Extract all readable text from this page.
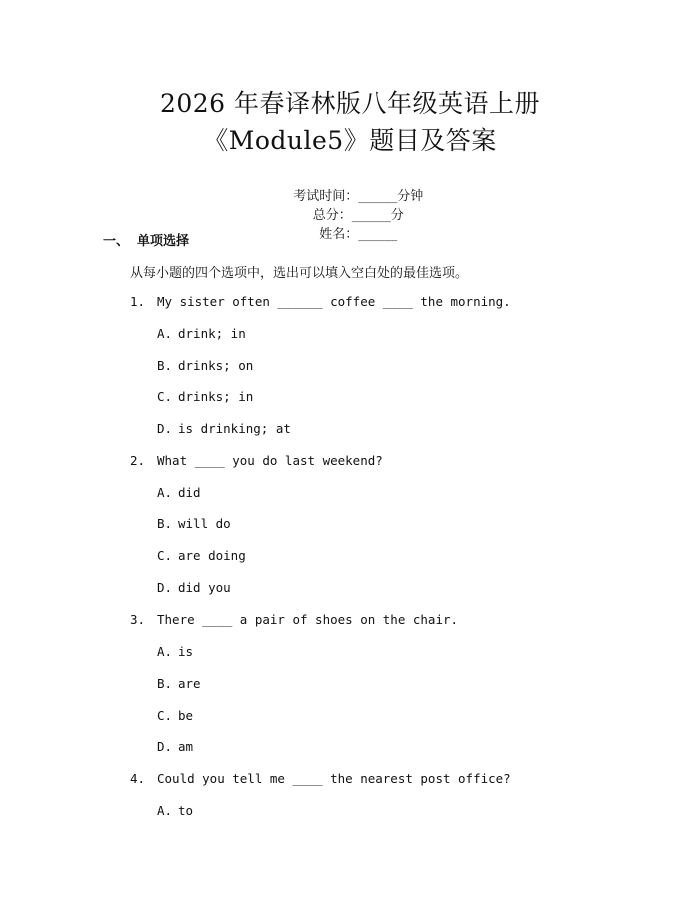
2026 年春译林版八年级英语上册
《Module5》题目及答案

考试时间：______分钟
总分：______分
姓名：______

一、 单项选择
从每小题的四个选项中，选出可以填入空白处的最佳选项。
1. My sister often ______ coffee ____ the morning.
A. drink; in
B. drinks; on
C. drinks; in
D. is drinking; at
2. What ____ you do last weekend?
A. did
B. will do
C. are doing
D. did you
3. There ____ a pair of shoes on the chair.
A. is
B. are
C. be
D. am
4. Could you tell me ____ the nearest post office?
A. to
